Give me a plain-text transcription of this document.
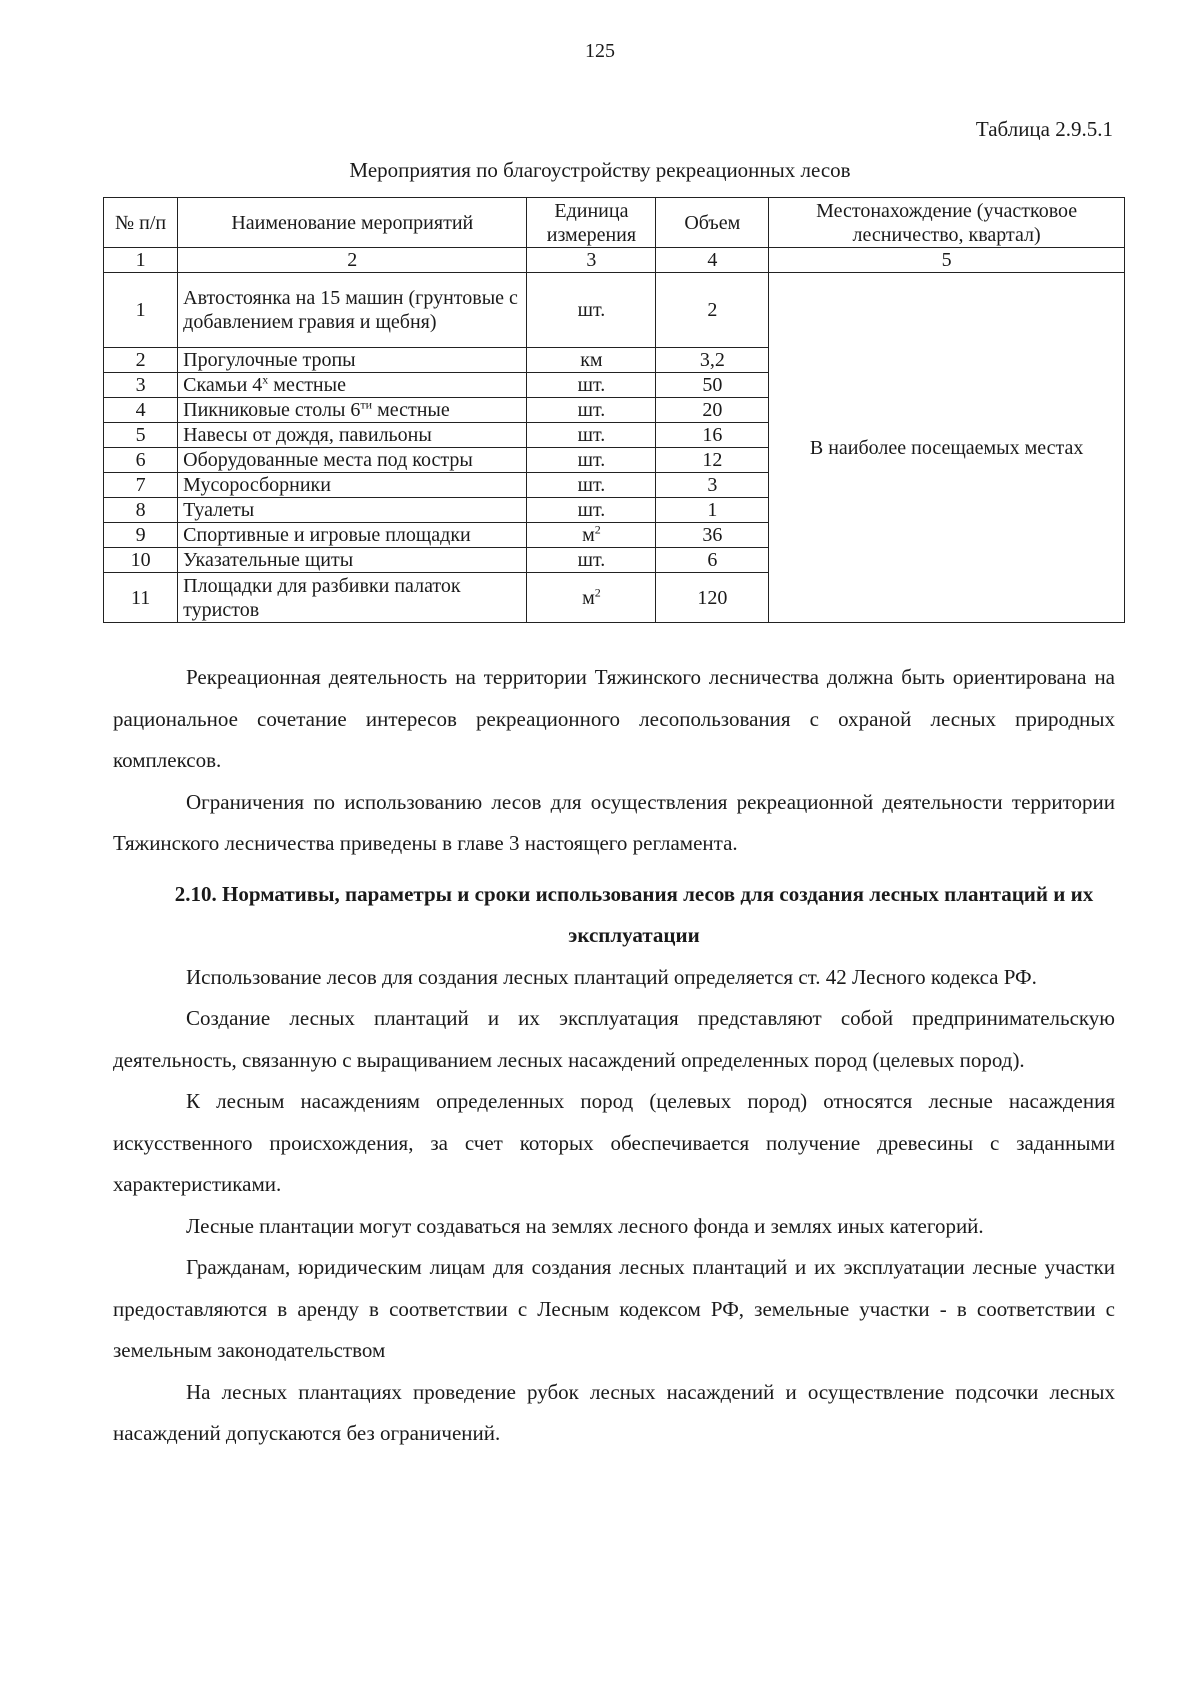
125
Таблица 2.9.5.1
Мероприятия по благоустройству рекреационных лесов
№ п/п	Наименование мероприятий	Единица измерения	Объем	Местонахождение (участковое лесничество, квартал)
1	2	3	4	5
1	Автостоянка на 15 машин (грунтовые с добавлением гравия и щебня)	шт.	2	В наиболее посещаемых местах
2	Прогулочные тропы	км	3,2	
3	Скамьи $4^х$ местные	шт.	50	
4	Пикниковые столы $6^{ти}$ местные	шт.	20	
5	Навесы от дождя, павильоны	шт.	16	
6	Оборудованные места под костры	шт.	12	
7	Мусоросборники	шт.	3	
8	Туалеты	шт.	1	
9	Спортивные и игровые площадки	$м^2$	36	
10	Указательные щиты	шт.	6	
11	Площадки для разбивки палаток туристов	$м^2$	120	

Рекреационная деятельность на территории Тяжинского лесничества должна быть ориентирована на рациональное сочетание интересов рекреационного лесопользования с охраной лесных природных комплексов.

Ограничения по использованию лесов для осуществления рекреационной деятельности территории Тяжинского лесничества приведены в главе 3 настоящего регламента.

2.10. Нормативы, параметры и сроки использования лесов для создания лесных плантаций и их эксплуатации

Использование лесов для создания лесных плантаций определяется ст. 42 Лесного кодекса РФ.

Создание лесных плантаций и их эксплуатация представляют собой предпринимательскую деятельность, связанную с выращиванием лесных насаждений определенных пород (целевых пород).

К лесным насаждениям определенных пород (целевых пород) относятся лесные насаждения искусственного происхождения, за счет которых обеспечивается получение древесины с заданными характеристиками.

Лесные плантации могут создаваться на землях лесного фонда и землях иных категорий.

Гражданам, юридическим лицам для создания лесных плантаций и их эксплуатации лесные участки предоставляются в аренду в соответствии с Лесным кодексом РФ, земельные участки - в соответствии с земельным законодательством

На лесных плантациях проведение рубок лесных насаждений и осуществление подсочки лесных насаждений допускаются без ограничений.
